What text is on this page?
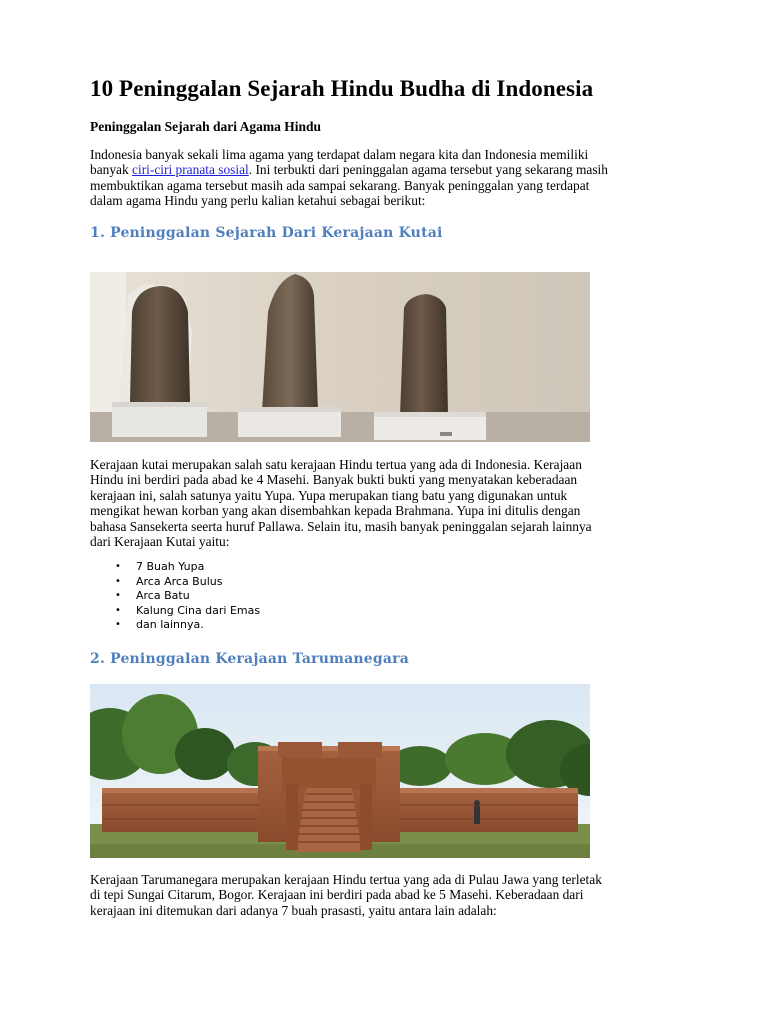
10 Peninggalan Sejarah Hindu Budha di Indonesia
Peninggalan Sejarah dari Agama Hindu

Indonesia banyak sekali lima agama yang terdapat dalam negara kita dan Indonesia memiliki
banyak ciri-ciri pranata sosial. Ini terbukti dari peninggalan agama tersebut yang sekarang masih
membuktikan agama tersebut masih ada sampai sekarang. Banyak peninggalan yang terdapat
dalam agama Hindu yang perlu kalian ketahui sebagai berikut:

1. Peninggalan Sejarah Dari Kerajaan Kutai

Kerajaan kutai merupakan salah satu kerajaan Hindu tertua yang ada di Indonesia. Kerajaan
Hindu ini berdiri pada abad ke 4 Masehi. Banyak bukti bukti yang menyatakan keberadaan
kerajaan ini, salah satunya yaitu Yupa. Yupa merupakan tiang batu yang digunakan untuk
mengikat hewan korban yang akan disembahkan kepada Brahmana. Yupa ini ditulis dengan
bahasa Sansekerta seerta huruf Pallawa. Selain itu, masih banyak peninggalan sejarah lainnya
dari Kerajaan Kutai yaitu:

• 7 Buah Yupa
• Arca Arca Bulus
• Arca Batu
• Kalung Cina dari Emas
• dan lainnya.
2. Peninggalan Kerajaan Tarumanegara

Kerajaan Tarumanegara merupakan kerajaan Hindu tertua yang ada di Pulau Jawa yang terletak
di tepi Sungai Citarum, Bogor. Kerajaan ini berdiri pada abad ke 5 Masehi. Keberadaan dari
kerajaan ini ditemukan dari adanya 7 buah prasasti, yaitu antara lain adalah:
